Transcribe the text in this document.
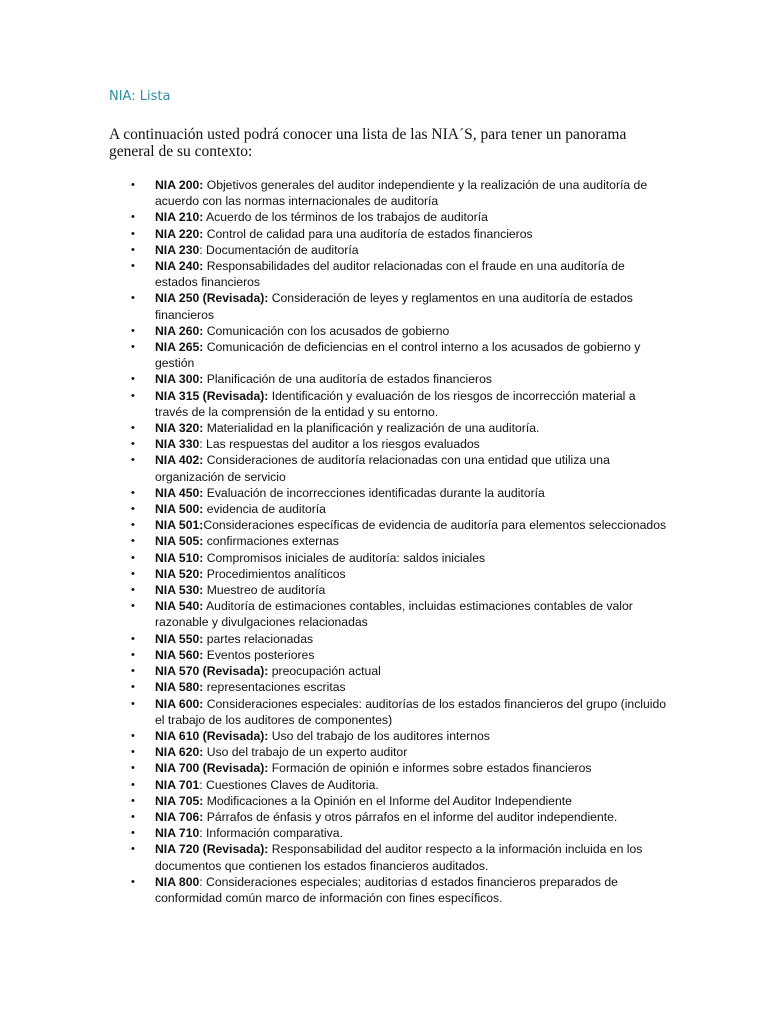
NIA: Lista

A continuación usted podrá conocer una lista de las NIA´S, para tener un panorama general de su contexto:

• NIA 200: Objetivos generales del auditor independiente y la realización de una auditoría de acuerdo con las normas internacionales de auditoría
• NIA 210: Acuerdo de los términos de los trabajos de auditoría
• NIA 220: Control de calidad para una auditoría de estados financieros
• NIA 230: Documentación de auditoría
• NIA 240: Responsabilidades del auditor relacionadas con el fraude en una auditoría de estados financieros
• NIA 250 (Revisada): Consideración de leyes y reglamentos en una auditoría de estados financieros
• NIA 260: Comunicación con los acusados de gobierno
• NIA 265: Comunicación de deficiencias en el control interno a los acusados de gobierno y gestión
• NIA 300: Planificación de una auditoría de estados financieros
• NIA 315 (Revisada): Identificación y evaluación de los riesgos de incorrección material a través de la comprensión de la entidad y su entorno.
• NIA 320: Materialidad en la planificación y realización de una auditoría.
• NIA 330: Las respuestas del auditor a los riesgos evaluados
• NIA 402: Consideraciones de auditoría relacionadas con una entidad que utiliza una organización de servicio
• NIA 450: Evaluación de incorrecciones identificadas durante la auditoría
• NIA 500: evidencia de auditoría
• NIA 501:Consideraciones específicas de evidencia de auditoría para elementos seleccionados
• NIA 505: confirmaciones externas
• NIA 510: Compromisos iniciales de auditoría: saldos iniciales
• NIA 520: Procedimientos analíticos
• NIA 530: Muestreo de auditoría
• NIA 540: Auditoría de estimaciones contables, incluidas estimaciones contables de valor razonable y divulgaciones relacionadas
• NIA 550: partes relacionadas
• NIA 560: Eventos posteriores
• NIA 570 (Revisada): preocupación actual
• NIA 580: representaciones escritas
• NIA 600: Consideraciones especiales: auditorías de los estados financieros del grupo (incluido el trabajo de los auditores de componentes)
• NIA 610 (Revisada): Uso del trabajo de los auditores internos
• NIA 620: Uso del trabajo de un experto auditor
• NIA 700 (Revisada): Formación de opinión e informes sobre estados financieros
• NIA 701: Cuestiones Claves de Auditoria.
• NIA 705: Modificaciones a la Opinión en el Informe del Auditor Independiente
• NIA 706: Párrafos de énfasis y otros párrafos en el informe del auditor independiente.
• NIA 710: Información comparativa.
• NIA 720 (Revisada): Responsabilidad del auditor respecto a la información incluida en los documentos que contienen los estados financieros auditados.
• NIA 800: Consideraciones especiales; auditorias d estados financieros preparados de conformidad común marco de información con fines específicos.
